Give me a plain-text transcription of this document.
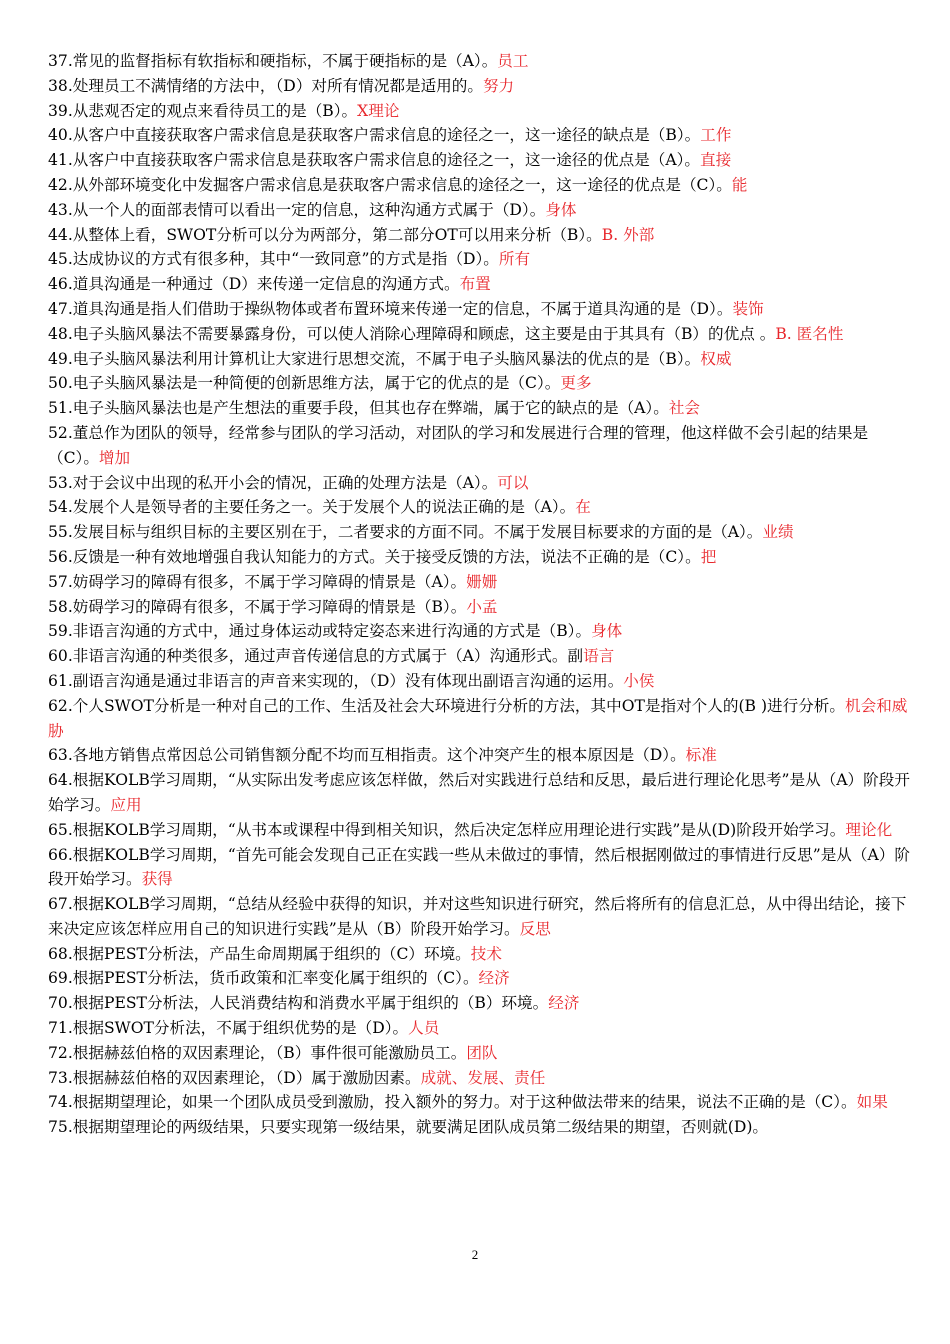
37.常见的监督指标有软指标和硬指标，不属于硬指标的是（A）。员工

38.处理员工不满情绪的方法中，（D）对所有情况都是适用的。努力

39.从悲观否定的观点来看待员工的是（B）。X理论

40.从客户中直接获取客户需求信息是获取客户需求信息的途径之一，这一途径的缺点是（B）。工作

41.从客户中直接获取客户需求信息是获取客户需求信息的途径之一，这一途径的优点是（A）。直接

42.从外部环境变化中发掘客户需求信息是获取客户需求信息的途径之一，这一途径的优点是（C）。能

43.从一个人的面部表情可以看出一定的信息，这种沟通方式属于（D）。身体

44.从整体上看，SWOT分析可以分为两部分，第二部分OT可以用来分析（B）。B. 外部

45.达成协议的方式有很多种，其中“一致同意”的方式是指（D）。所有

46.道具沟通是一种通过（D）来传递一定信息的沟通方式。布置

47.道具沟通是指人们借助于操纵物体或者布置环境来传递一定的信息，不属于道具沟通的是（D）。装饰

48.电子头脑风暴法不需要暴露身份，可以使人消除心理障碍和顾虑，这主要是由于其具有（B）的优点 。B. 匿名性

49.电子头脑风暴法利用计算机让大家进行思想交流，不属于电子头脑风暴法的优点的是（B）。权威

50.电子头脑风暴法是一种简便的创新思维方法，属于它的优点的是（C）。更多

51.电子头脑风暴法也是产生想法的重要手段，但其也存在弊端，属于它的缺点的是（A）。社会

52.董总作为团队的领导，经常参与团队的学习活动，对团队的学习和发展进行合理的管理，他这样做不会引起的结果是（C）。增加

53.对于会议中出现的私开小会的情况，正确的处理方法是（A）。可以

54.发展个人是领导者的主要任务之一。关于发展个人的说法正确的是（A）。在

55.发展目标与组织目标的主要区别在于，二者要求的方面不同。不属于发展目标要求的方面的是（A）。业绩

56.反馈是一种有效地增强自我认知能力的方式。关于接受反馈的方法，说法不正确的是（C）。把

57.妨碍学习的障碍有很多，不属于学习障碍的情景是（A）。姗姗

58.妨碍学习的障碍有很多，不属于学习障碍的情景是（B）。小孟

59.非语言沟通的方式中，通过身体运动或特定姿态来进行沟通的方式是（B）。身体

60.非语言沟通的种类很多，通过声音传递信息的方式属于（A）沟通形式。副语言

61.副语言沟通是通过非语言的声音来实现的，（D）没有体现出副语言沟通的运用。小侯

62.个人SWOT分析是一种对自己的工作、生活及社会大环境进行分析的方法，其中OT是指对个人的(B )进行分析。机会和威胁

63.各地方销售点常因总公司销售额分配不均而互相指责。这个冲突产生的根本原因是（D）。标准

64.根据KOLB学习周期，“从实际出发考虑应该怎样做，然后对实践进行总结和反思，最后进行理论化思考”是从（A）阶段开始学习。应用

65.根据KOLB学习周期，“从书本或课程中得到相关知识，然后决定怎样应用理论进行实践”是从(D)阶段开始学习。理论化

66.根据KOLB学习周期，“首先可能会发现自己正在实践一些从未做过的事情，然后根据刚做过的事情进行反思”是从（A）阶段开始学习。获得

67.根据KOLB学习周期，“总结从经验中获得的知识，并对这些知识进行研究，然后将所有的信息汇总，从中得出结论，接下来决定应该怎样应用自己的知识进行实践”是从（B）阶段开始学习。反思

68.根据PEST分析法，产品生命周期属于组织的（C）环境。技术

69.根据PEST分析法，货币政策和汇率变化属于组织的（C）。经济

70.根据PEST分析法，人民消费结构和消费水平属于组织的（B）环境。经济

71.根据SWOT分析法，不属于组织优势的是（D）。人员

72.根据赫兹伯格的双因素理论，（B）事件很可能激励员工。团队

73.根据赫兹伯格的双因素理论，（D）属于激励因素。成就、发展、责任

74.根据期望理论，如果一个团队成员受到激励，投入额外的努力。对于这种做法带来的结果，说法不正确的是（C）。如果

75.根据期望理论的两级结果，只要实现第一级结果，就要满足团队成员第二级结果的期望，否则就(D)。

2
